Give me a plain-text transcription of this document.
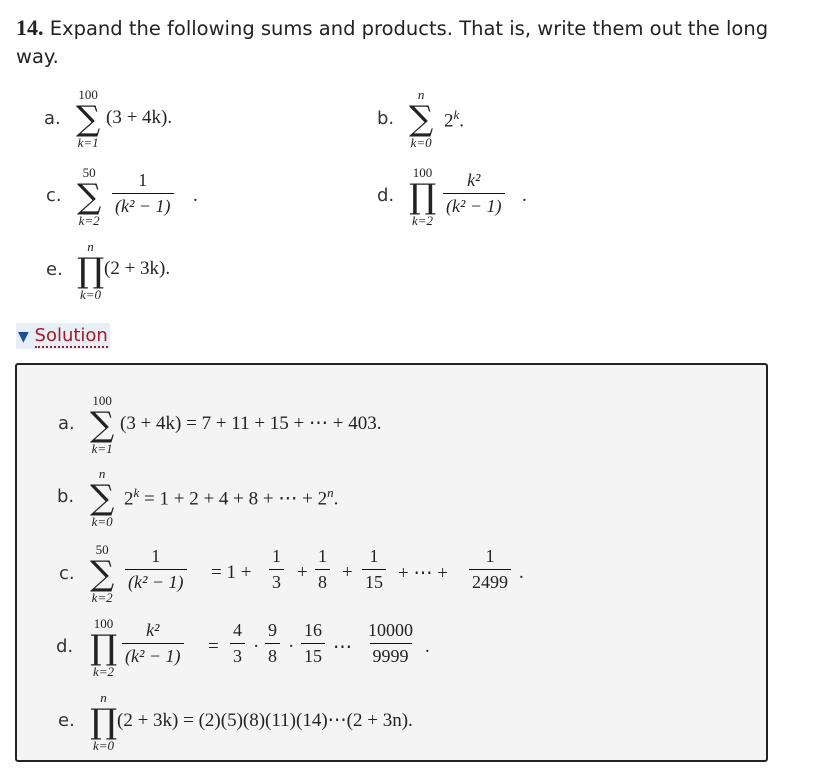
14. Expand the following sums and products. That is, write them out the long way.
a.
100
∑
k=1
(3 + 4k).	b.
n
∑
k=0
2$^k$.
c.
50
∑
k=2
$\frac{1}{\text{(k² − 1)}}$ .	d.
100
∏
k=2
$\frac{\text{k²}}{\text{(k² − 1)}}$ .
e.
n
∏
k=0
(2 + 3k).
▼ Solution
a.
100
∑
k=1
(3 + 4k) = 7 + 11 + 15 + ⋯ + 403.
b.
n
∑
k=0
$2^k = 1 + 2 + 4 + 8$ + ⋯ + $2^n$.
c.
50
∑
k=2
$\frac{1}{\text{(k² − 1)}} = 1 + \frac{1}{3} + \frac{1}{8} + \frac{1}{15}$ + ⋯ + $\frac{1}{2499}$ .
d.
100
∏
k=2
$\frac{\text{k²}}{\text{(k² − 1)}} = \frac{4}{3} \cdot \frac{9}{8} \cdot \frac{16}{15}$ ⋯ $\frac{10000}{9999}$ .
e.
n
∏
k=0
(2 + 3k) = (2)(5)(8)(11)(14)⋯(2 + 3n).
